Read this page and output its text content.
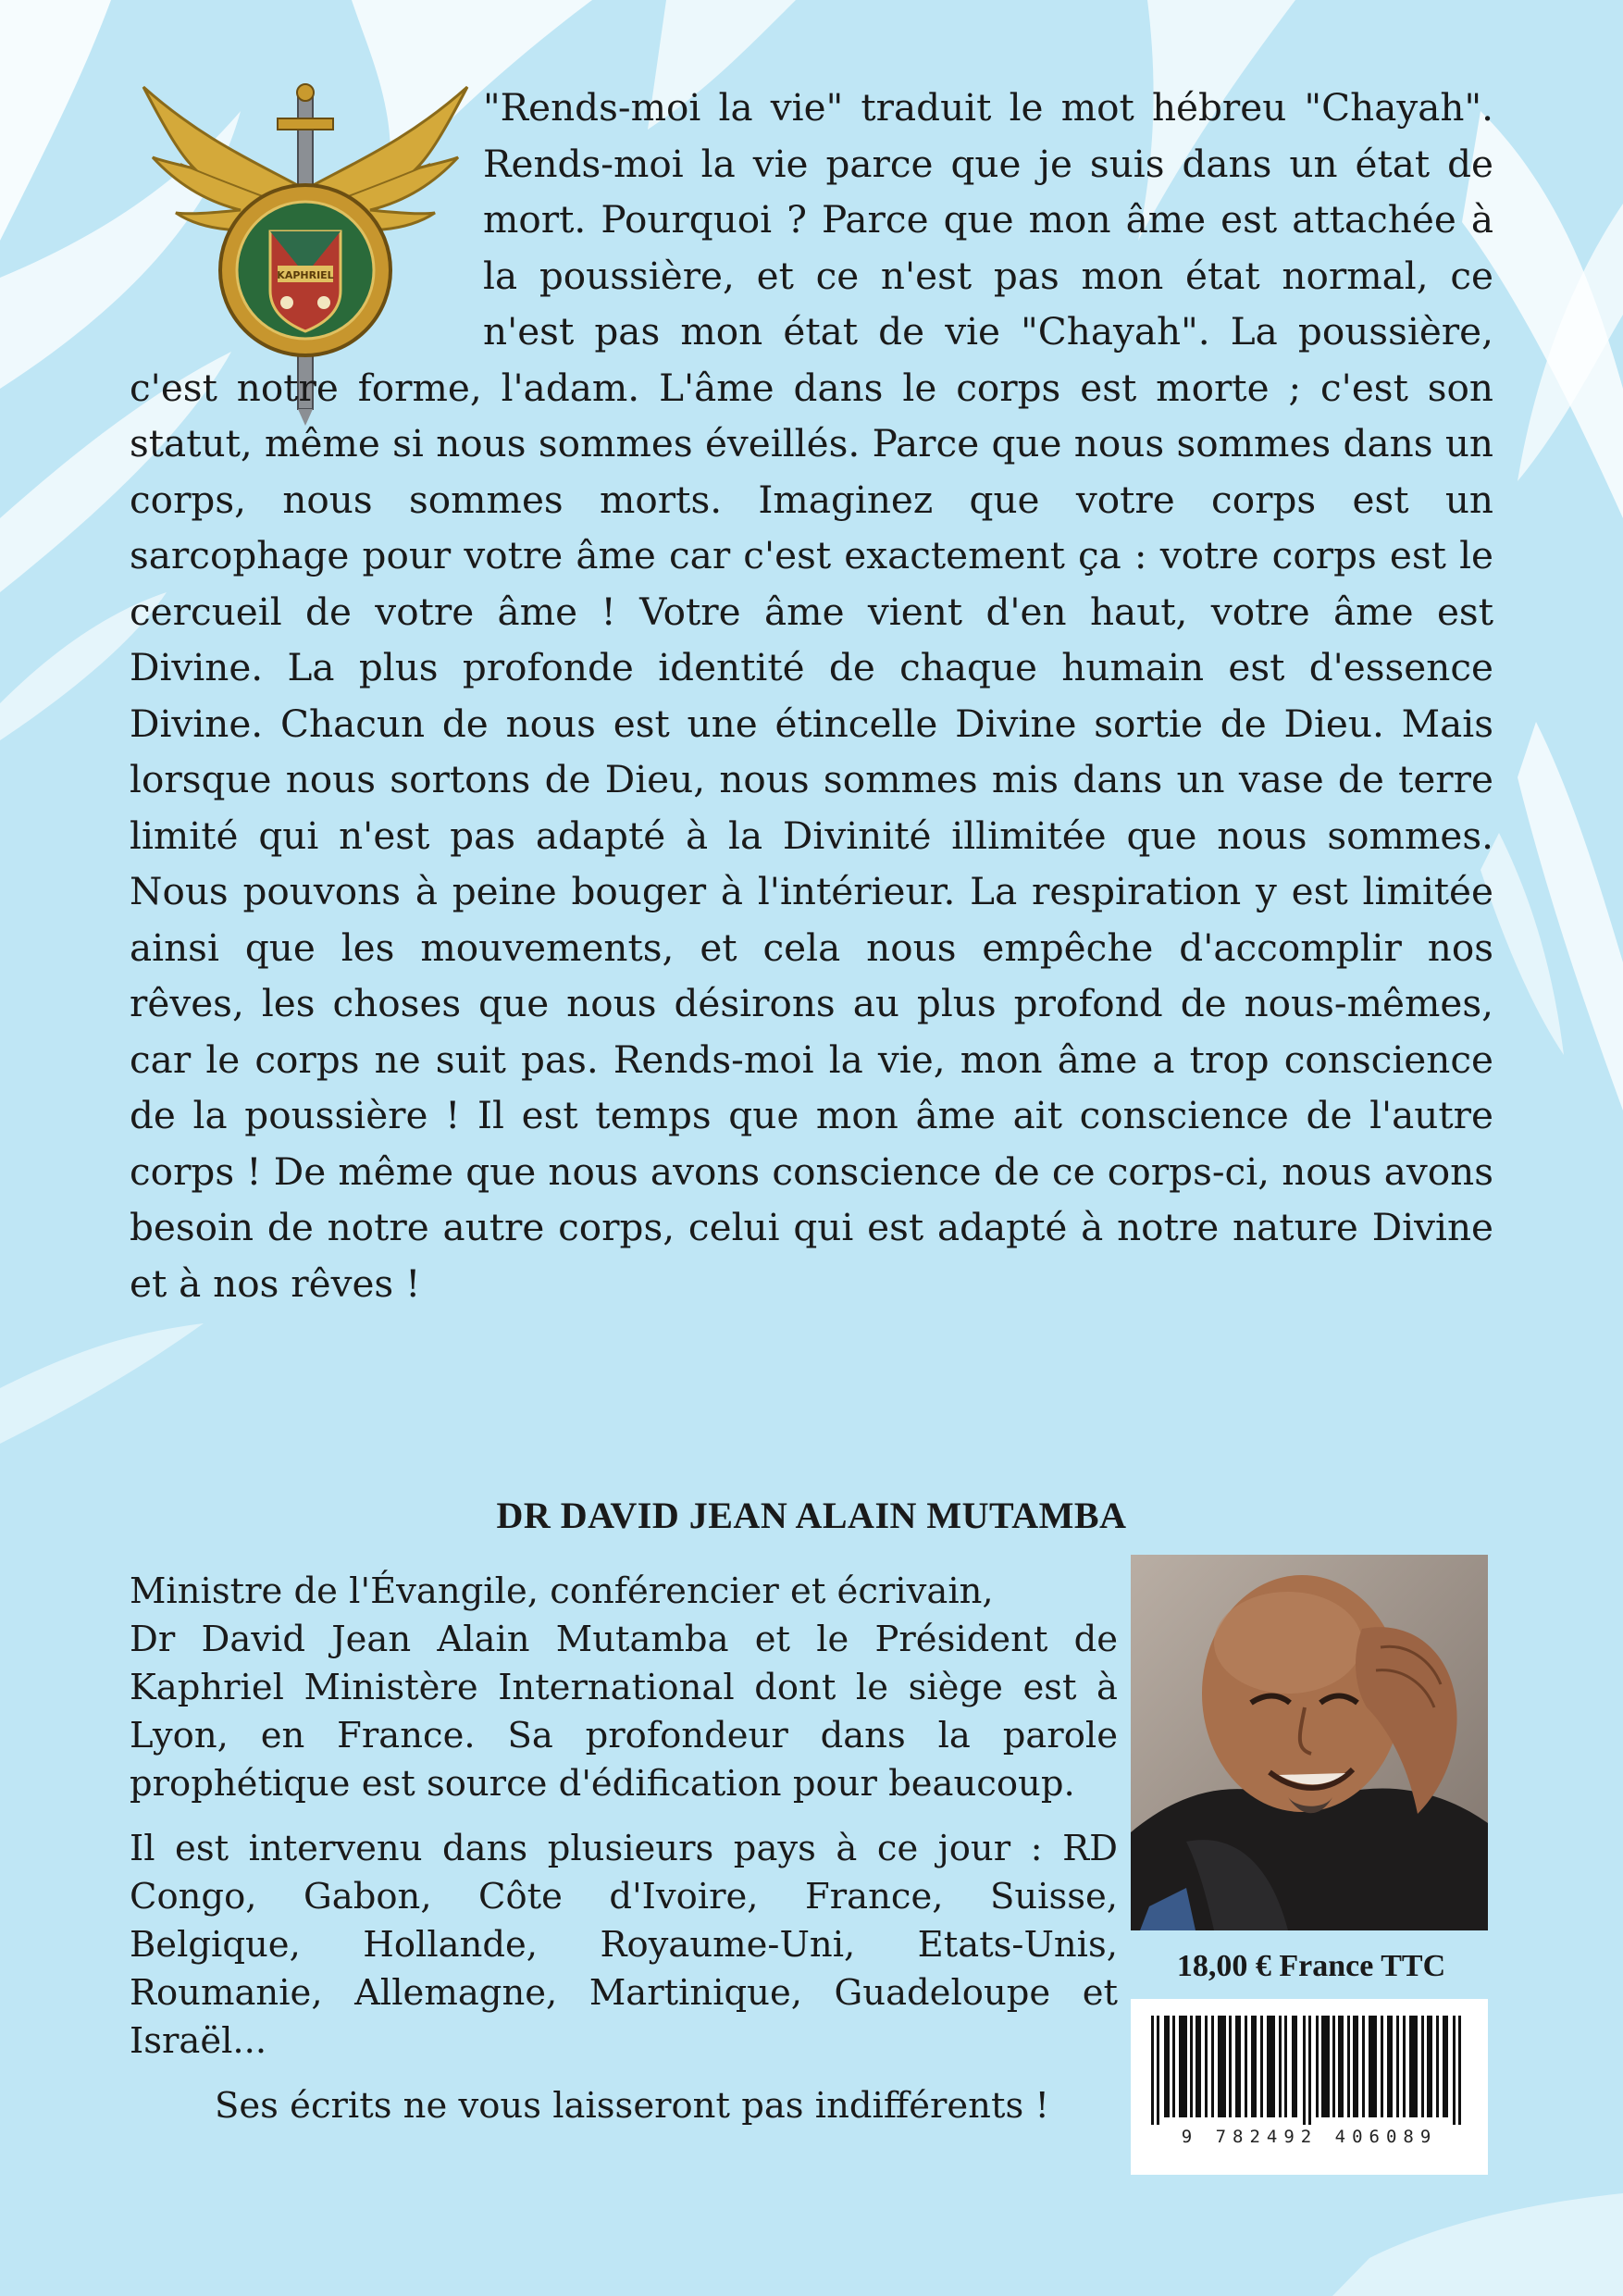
KAPHRIEL
"Rends-moi la vie" traduit le mot hébreu "Chayah". Rends-moi la vie parce que je suis dans un état de mort. Pourquoi ? Parce que mon âme est attachée à la poussière, et ce n'est pas mon état normal, ce n'est pas mon état de vie "Chayah". La poussière, c'est notre forme, l'adam. L'âme dans le corps est morte ; c'est son statut, même si nous sommes éveillés. Parce que nous sommes dans un corps, nous sommes morts. Imaginez que votre corps est un sarcophage pour votre âme car c'est exactement ça : votre corps est le cercueil de votre âme ! Votre âme vient d'en haut, votre âme est Divine. La plus profonde identité de chaque humain est d'essence Divine. Chacun de nous est une étincelle Divine sortie de Dieu. Mais lorsque nous sortons de Dieu, nous sommes mis dans un vase de terre limité qui n'est pas adapté à la Divinité illimitée que nous sommes. Nous pouvons à peine bouger à l'intérieur. La respiration y est limitée ainsi que les mouvements, et cela nous empêche d'accomplir nos rêves, les choses que nous désirons au plus profond de nous-mêmes, car le corps ne suit pas. Rends-moi la vie, mon âme a trop conscience de la poussière ! Il est temps que mon âme ait conscience de l'autre corps ! De même que nous avons conscience de ce corps-ci, nous avons besoin de notre autre corps, celui qui est adapté à notre nature Divine et à nos rêves !
DR DAVID JEAN ALAIN MUTAMBA

Ministre de l'Évangile, conférencier et écrivain,

Dr David Jean Alain Mutamba et le Président de Kaphriel Ministère International dont le siège est à Lyon, en France. Sa profondeur dans la parole prophétique est source d'édification pour beaucoup.

Il est intervenu dans plusieurs pays à ce jour : RD Congo, Gabon, Côte d'Ivoire, France, Suisse, Belgique, Hollande, Royaume-Uni, Etats-Unis, Roumanie, Allemagne, Martinique, Guadeloupe et Israël...

Ses écrits ne vous laisseront pas indifférents !

18,00 € France TTC
9 782492 406089
